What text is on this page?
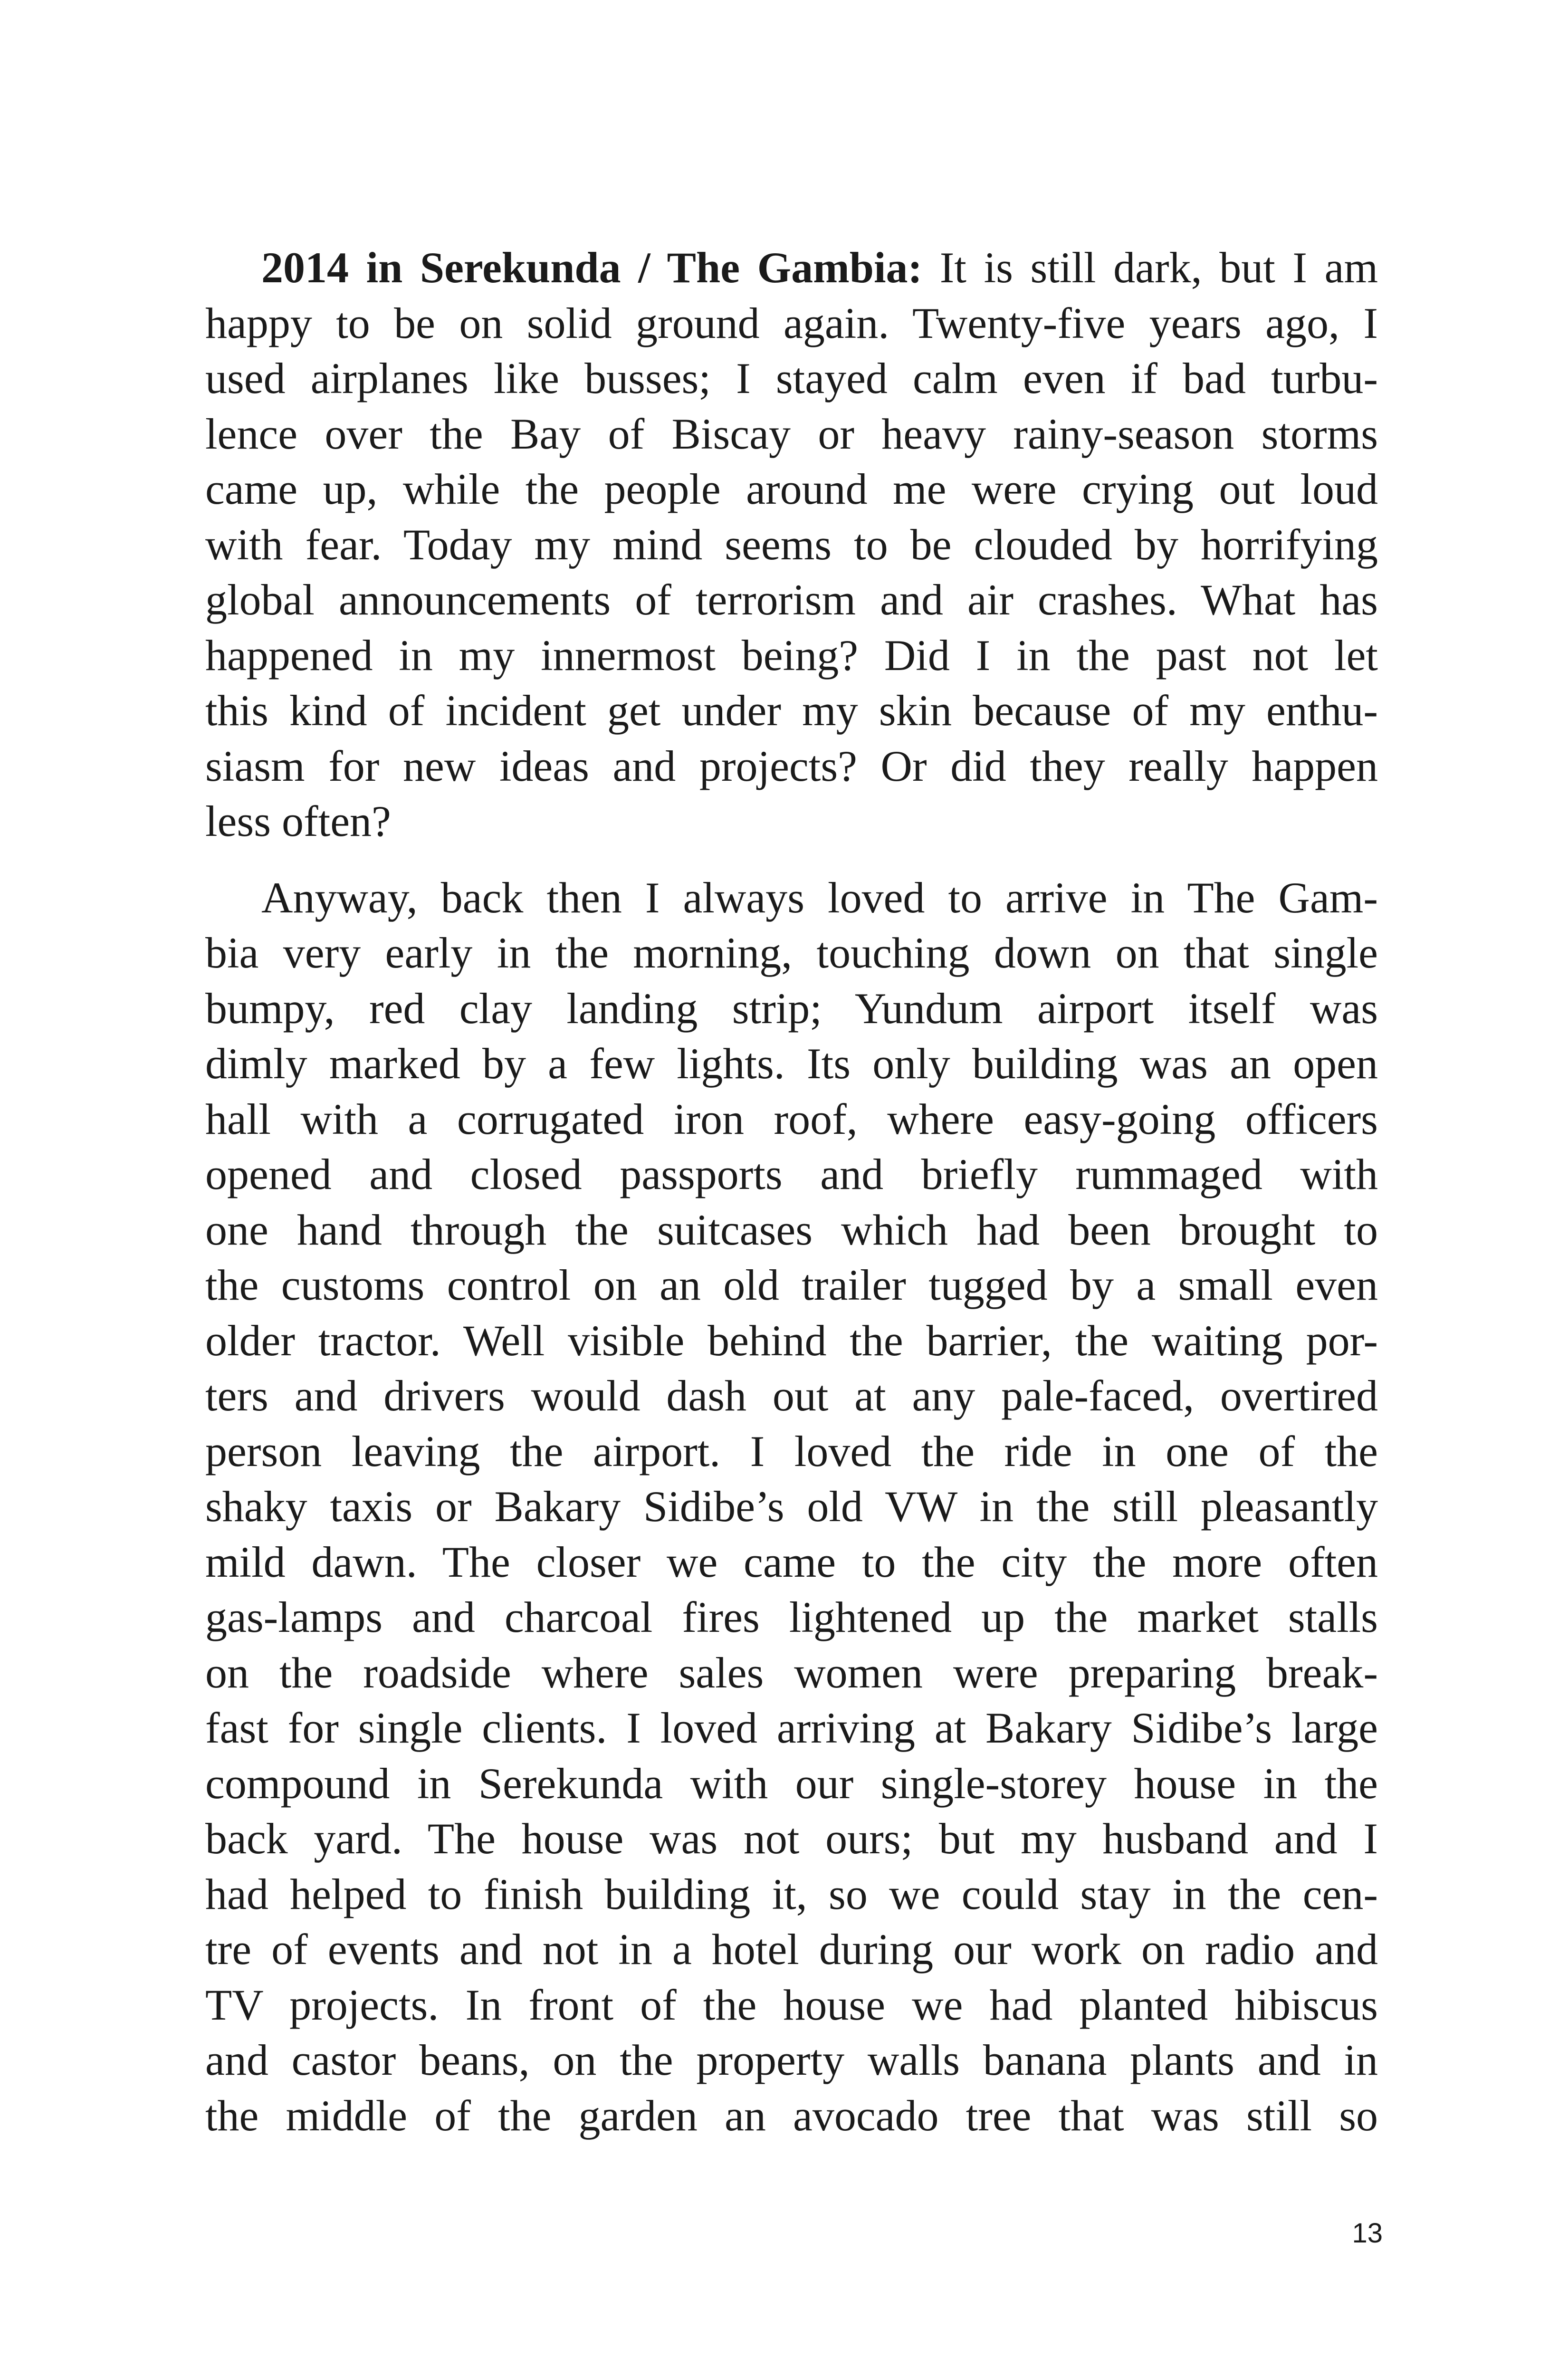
2014 in Serekunda / The Gambia: It is still dark, but I am
happy to be on solid ground again. Twenty-five years ago, I
used airplanes like busses; I stayed calm even if bad turbu-
lence over the Bay of Biscay or heavy rainy-season storms
came up, while the people around me were crying out loud
with fear. Today my mind seems to be clouded by horrifying
global announcements of terrorism and air crashes. What has
happened in my innermost being? Did I in the past not let
this kind of incident get under my skin because of my enthu-
siasm for new ideas and projects? Or did they really happen
less often?
Anyway, back then I always loved to arrive in The Gam-
bia very early in the morning, touching down on that single
bumpy, red clay landing strip; Yundum airport itself was
dimly marked by a few lights. Its only building was an open
hall with a corrugated iron roof, where easy-going officers
opened and closed passports and briefly rummaged with
one hand through the suitcases which had been brought to
the customs control on an old trailer tugged by a small even
older tractor. Well visible behind the barrier, the waiting por-
ters and drivers would dash out at any pale-faced, overtired
person leaving the airport. I loved the ride in one of the
shaky taxis or Bakary Sidibe’s old VW in the still pleasantly
mild dawn. The closer we came to the city the more often
gas-lamps and charcoal fires lightened up the market stalls
on the roadside where sales women were preparing break-
fast for single clients. I loved arriving at Bakary Sidibe’s large
compound in Serekunda with our single-storey house in the
back yard. The house was not ours; but my husband and I
had helped to finish building it, so we could stay in the cen-
tre of events and not in a hotel during our work on radio and
TV projects. In front of the house we had planted hibiscus
and castor beans, on the property walls banana plants and in
the middle of the garden an avocado tree that was still so
13
